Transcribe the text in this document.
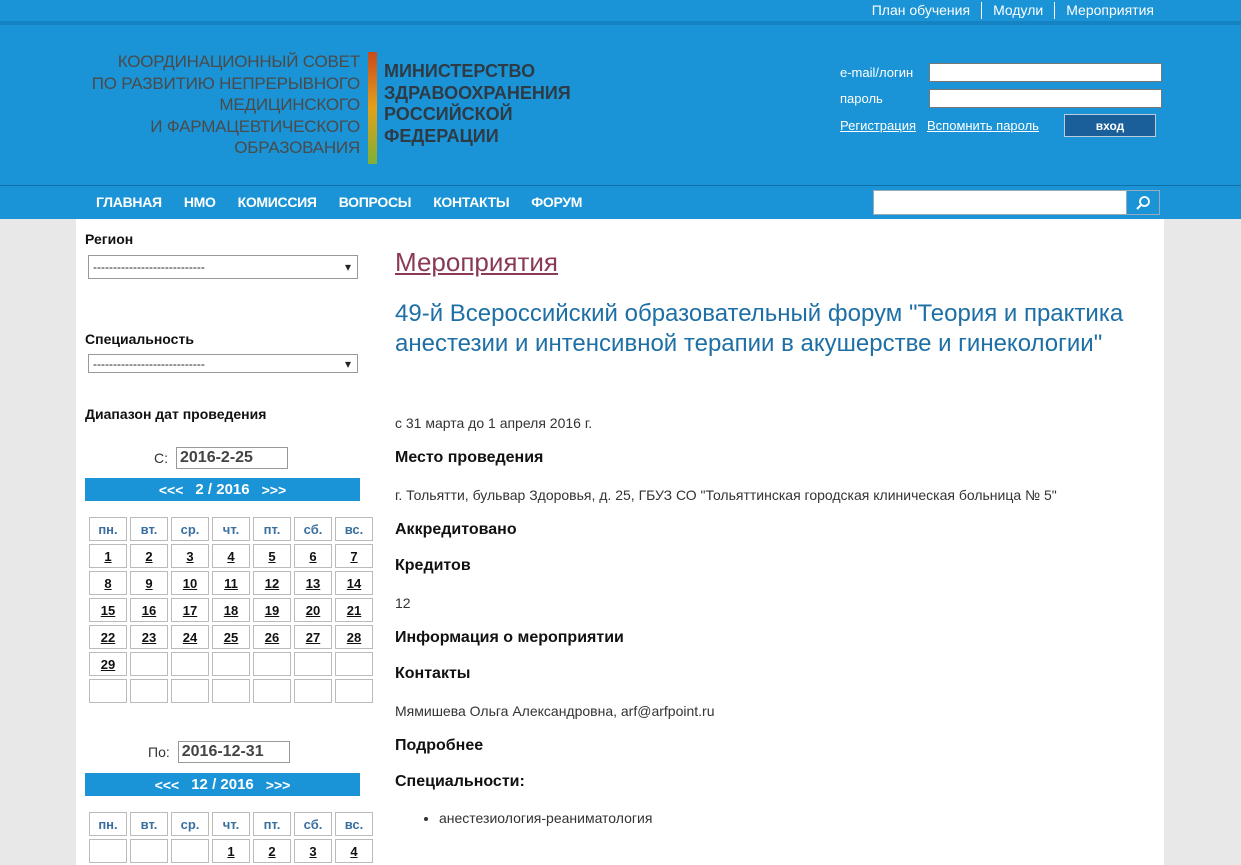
План обучения	Модули	Мероприятия
КООРДИНАЦИОННЫЙ СОВЕТ
ПО РАЗВИТИЮ НЕПРЕРЫВНОГО
МЕДИЦИНСКОГО
И ФАРМАЦЕВТИЧЕСКОГО
ОБРАЗОВАНИЯ
МИНИСТЕРСТВО
ЗДРАВООХРАНЕНИЯ
РОССИЙСКОЙ
ФЕДЕРАЦИИ
e-mail/логин
пароль
Регистрация Вспомнить пароль	вход
ГЛАВНАЯ НМО КОМИССИЯ ВОПРОСЫ КОНТАКТЫ ФОРУМ
Регион
----------------------------	▾
Специальность
----------------------------	▾
Диапазон дат проведения
С:
2016-2-25
<<< 2 / 2016 >>>
пн.	вт.	ср.	чт.	пт.	сб.	вс.
1	2	3	4	5	6	7
8	9	10	11	12	13	14
15	16	17	18	19	20	21
22	23	24	25	26	27	28
29						

По:
2016-12-31
<<< 12 / 2016 >>>
пн.	вт.	ср.	чт.	пт.	сб.	вс.
			1	2	3	4
Мероприятия
49-й Всероссийский образовательный форум "Теория и практика анестезии и интенсивной терапии в акушерстве и гинекологии"
с 31 марта до 1 апреля 2016 г.
Место проведения
г. Тольятти, бульвар Здоровья, д. 25, ГБУЗ СО "Тольяттинская городская клиническая больница № 5"
Аккредитовано
Кредитов
12
Информация о мероприятии
Контакты
Мямишева Ольга Александровна, arf@arfpoint.ru
Подробнее
Специальности:
• анестезиология-реаниматология
